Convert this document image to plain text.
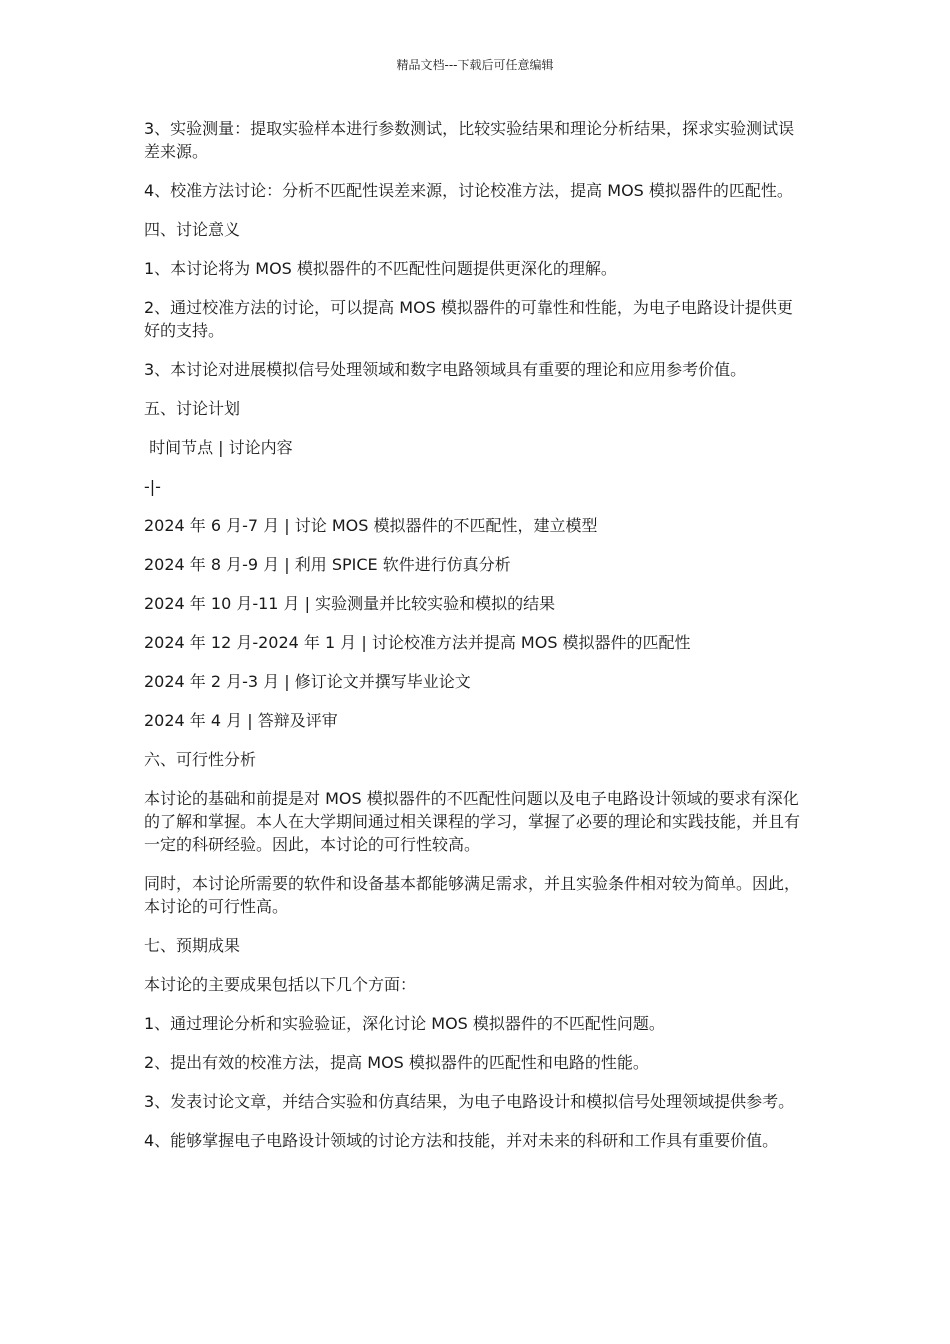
精品文档---下载后可任意编辑

3、实验测量：提取实验样本进行参数测试，比较实验结果和理论分析结果，探求实验测试误差来源。

4、校准方法讨论：分析不匹配性误差来源，讨论校准方法，提高 MOS 模拟器件的匹配性。

四、讨论意义

1、本讨论将为 MOS 模拟器件的不匹配性问题提供更深化的理解。

2、通过校准方法的讨论，可以提高 MOS 模拟器件的可靠性和性能，为电子电路设计提供更好的支持。

3、本讨论对进展模拟信号处理领域和数字电路领域具有重要的理论和应用参考价值。

五、讨论计划

时间节点 | 讨论内容

-|-

2024 年 6 月-7 月 | 讨论 MOS 模拟器件的不匹配性，建立模型

2024 年 8 月-9 月 | 利用 SPICE 软件进行仿真分析

2024 年 10 月-11 月 | 实验测量并比较实验和模拟的结果

2024 年 12 月-2024 年 1 月 | 讨论校准方法并提高 MOS 模拟器件的匹配性

2024 年 2 月-3 月 | 修订论文并撰写毕业论文

2024 年 4 月 | 答辩及评审

六、可行性分析

本讨论的基础和前提是对 MOS 模拟器件的不匹配性问题以及电子电路设计领域的要求有深化的了解和掌握。本人在大学期间通过相关课程的学习，掌握了必要的理论和实践技能，并且有一定的科研经验。因此，本讨论的可行性较高。

同时，本讨论所需要的软件和设备基本都能够满足需求，并且实验条件相对较为简单。因此，本讨论的可行性高。

七、预期成果

本讨论的主要成果包括以下几个方面：

1、通过理论分析和实验验证，深化讨论 MOS 模拟器件的不匹配性问题。

2、提出有效的校准方法，提高 MOS 模拟器件的匹配性和电路的性能。

3、发表讨论文章，并结合实验和仿真结果，为电子电路设计和模拟信号处理领域提供参考。

4、能够掌握电子电路设计领域的讨论方法和技能，并对未来的科研和工作具有重要价值。
